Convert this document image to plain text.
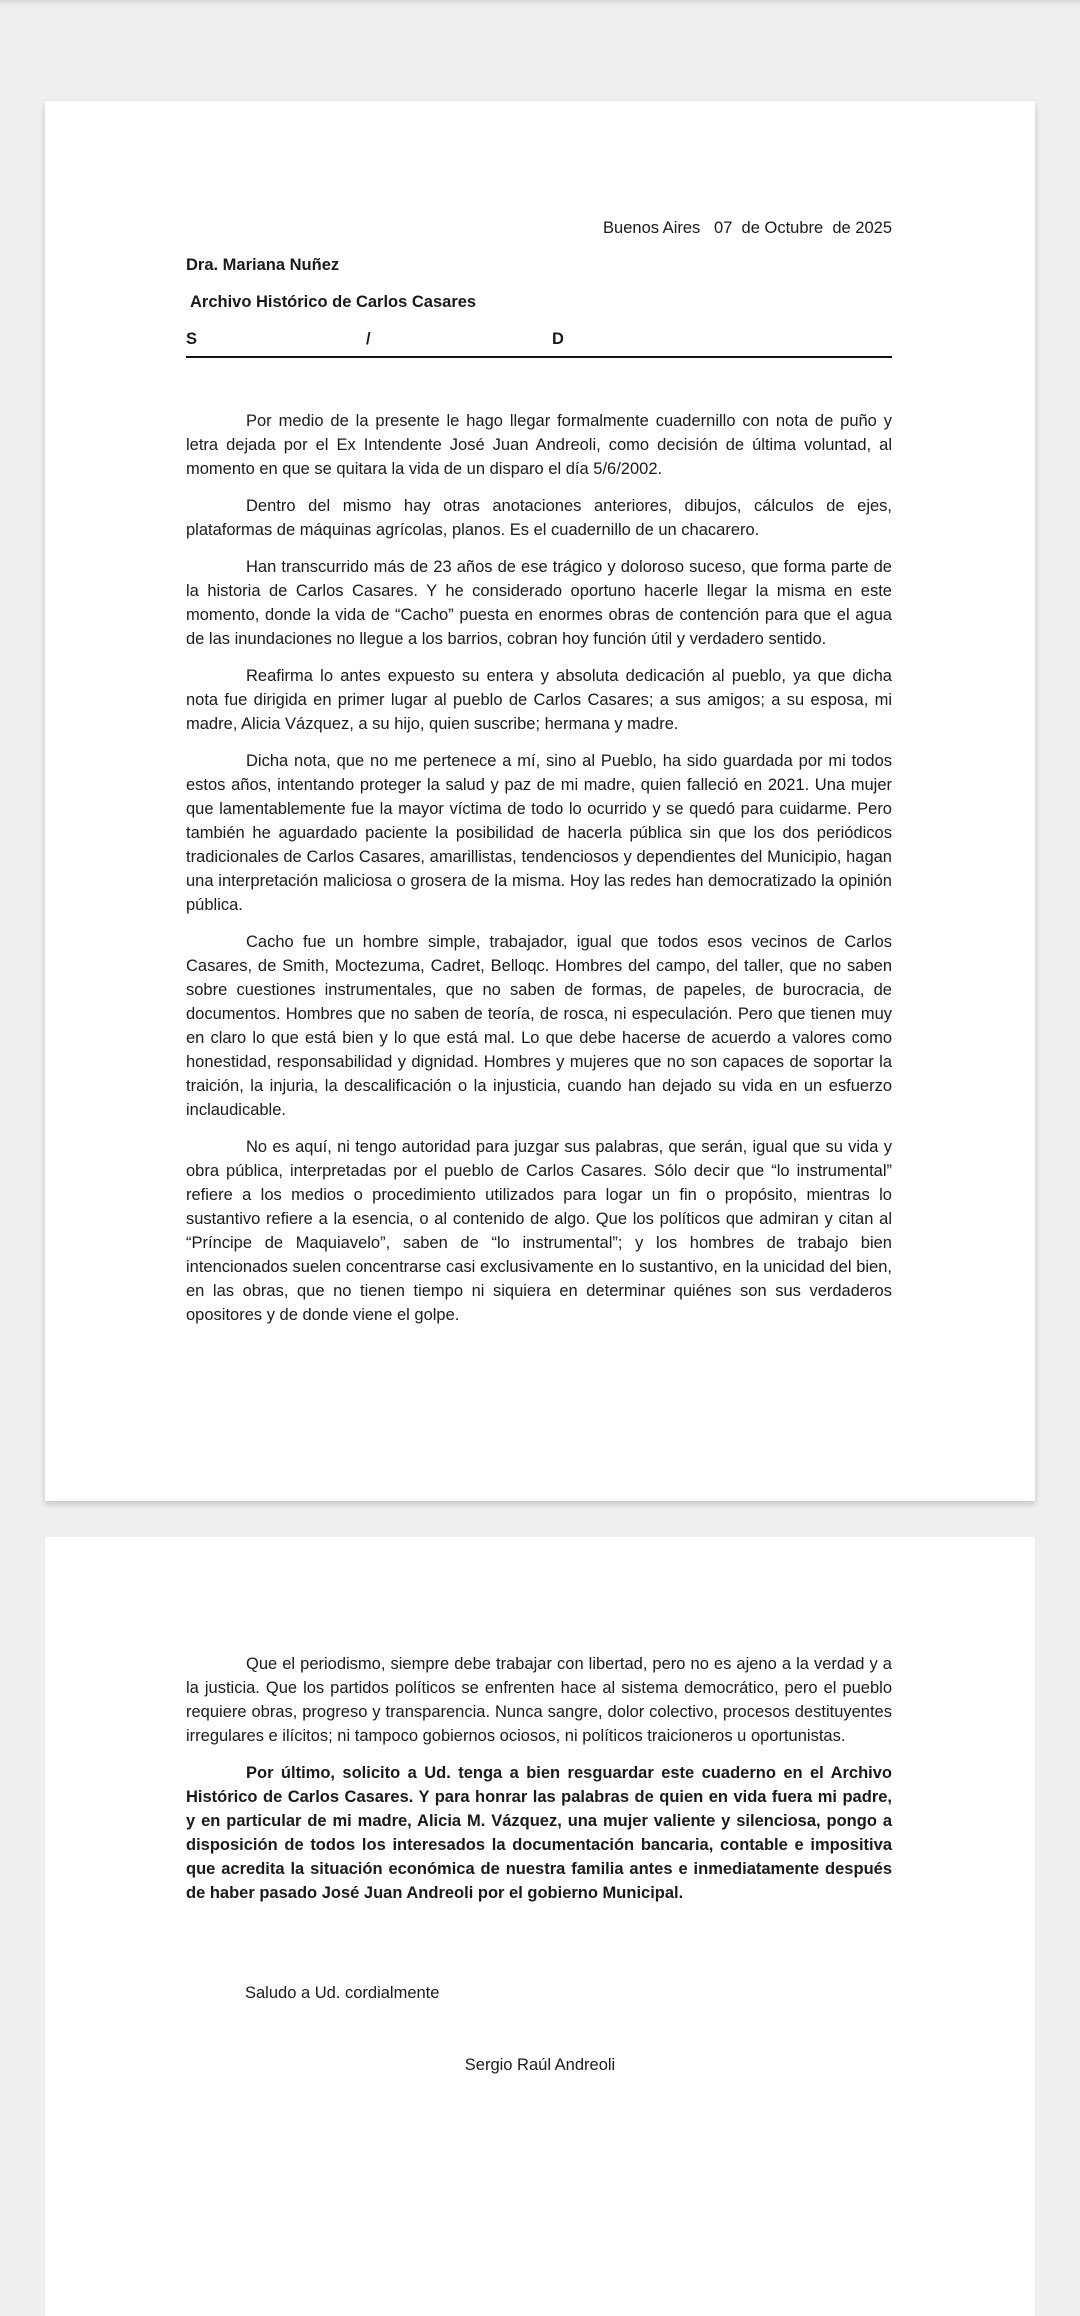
Buenos Aires   07  de Octubre  de 2025
Dra. Mariana Nuñez
Archivo Histórico de Carlos Casares
S	/	D

Por medio de la presente le hago llegar formalmente cuadernillo con nota de puño y letra dejada por el Ex Intendente José Juan Andreoli, como decisión de última voluntad, al momento en que se quitara la vida de un disparo el día 5/6/2002.

Dentro del mismo hay otras anotaciones anteriores, dibujos, cálculos de ejes, plataformas de máquinas agrícolas, planos. Es el cuadernillo de un chacarero.

Han transcurrido más de 23 años de ese trágico y doloroso suceso, que forma parte de la historia de Carlos Casares. Y he considerado oportuno hacerle llegar la misma en este momento, donde la vida de “Cacho” puesta en enormes obras de contención para que el agua de las inundaciones no llegue a los barrios, cobran hoy función útil y verdadero sentido.

Reafirma lo antes expuesto su entera y absoluta dedicación al pueblo, ya que dicha nota fue dirigida en primer lugar al pueblo de Carlos Casares; a sus amigos; a su esposa, mi madre, Alicia Vázquez, a su hijo, quien suscribe; hermana y madre.

Dicha nota, que no me pertenece a mí, sino al Pueblo, ha sido guardada por mi todos estos años, intentando proteger la salud y paz de mi madre, quien falleció en 2021. Una mujer que lamentablemente fue la mayor víctima de todo lo ocurrido y se quedó para cuidarme. Pero también he aguardado paciente la posibilidad de hacerla pública sin que los dos periódicos tradicionales de Carlos Casares, amarillistas, tendenciosos y dependientes del Municipio, hagan una interpretación maliciosa o grosera de la misma. Hoy las redes han democratizado la opinión pública.

Cacho fue un hombre simple, trabajador, igual que todos esos vecinos de Carlos Casares, de Smith, Moctezuma, Cadret, Belloqc. Hombres del campo, del taller, que no saben sobre cuestiones instrumentales, que no saben de formas, de papeles, de burocracia, de documentos. Hombres que no saben de teoría, de rosca, ni especulación. Pero que tienen muy en claro lo que está bien y lo que está mal. Lo que debe hacerse de acuerdo a valores como honestidad, responsabilidad y dignidad. Hombres y mujeres que no son capaces de soportar la traición, la injuria, la descalificación o la injusticia, cuando han dejado su vida en un esfuerzo inclaudicable.

No es aquí, ni tengo autoridad para juzgar sus palabras, que serán, igual que su vida y obra pública, interpretadas por el pueblo de Carlos Casares. Sólo decir que “lo instrumental” refiere a los medios o procedimiento utilizados para logar un fin o propósito, mientras lo sustantivo refiere a la esencia, o al contenido de algo. Que los políticos que admiran y citan al “Príncipe de Maquiavelo”, saben de “lo instrumental”; y los hombres de trabajo bien intencionados suelen concentrarse casi exclusivamente en lo sustantivo, en la unicidad del bien, en las obras, que no tienen tiempo ni siquiera en determinar quiénes son sus verdaderos opositores y de donde viene el golpe.

Que el periodismo, siempre debe trabajar con libertad, pero no es ajeno a la verdad y a la justicia. Que los partidos políticos se enfrenten hace al sistema democrático, pero el pueblo requiere obras, progreso y transparencia. Nunca sangre, dolor colectivo, procesos destituyentes irregulares e ilícitos; ni tampoco gobiernos ociosos, ni políticos traicioneros u oportunistas.

Por último, solicito a Ud. tenga a bien resguardar este cuaderno en el Archivo Histórico de Carlos Casares. Y para honrar las palabras de quien en vida fuera mi padre, y en particular de mi madre, Alicia M. Vázquez, una mujer valiente y silenciosa, pongo a disposición de todos los interesados la documentación bancaria, contable e impositiva que acredita la situación económica de nuestra familia antes e inmediatamente después de haber pasado José Juan Andreoli por el gobierno Municipal.

Saludo a Ud. cordialmente
Sergio Raúl Andreoli
